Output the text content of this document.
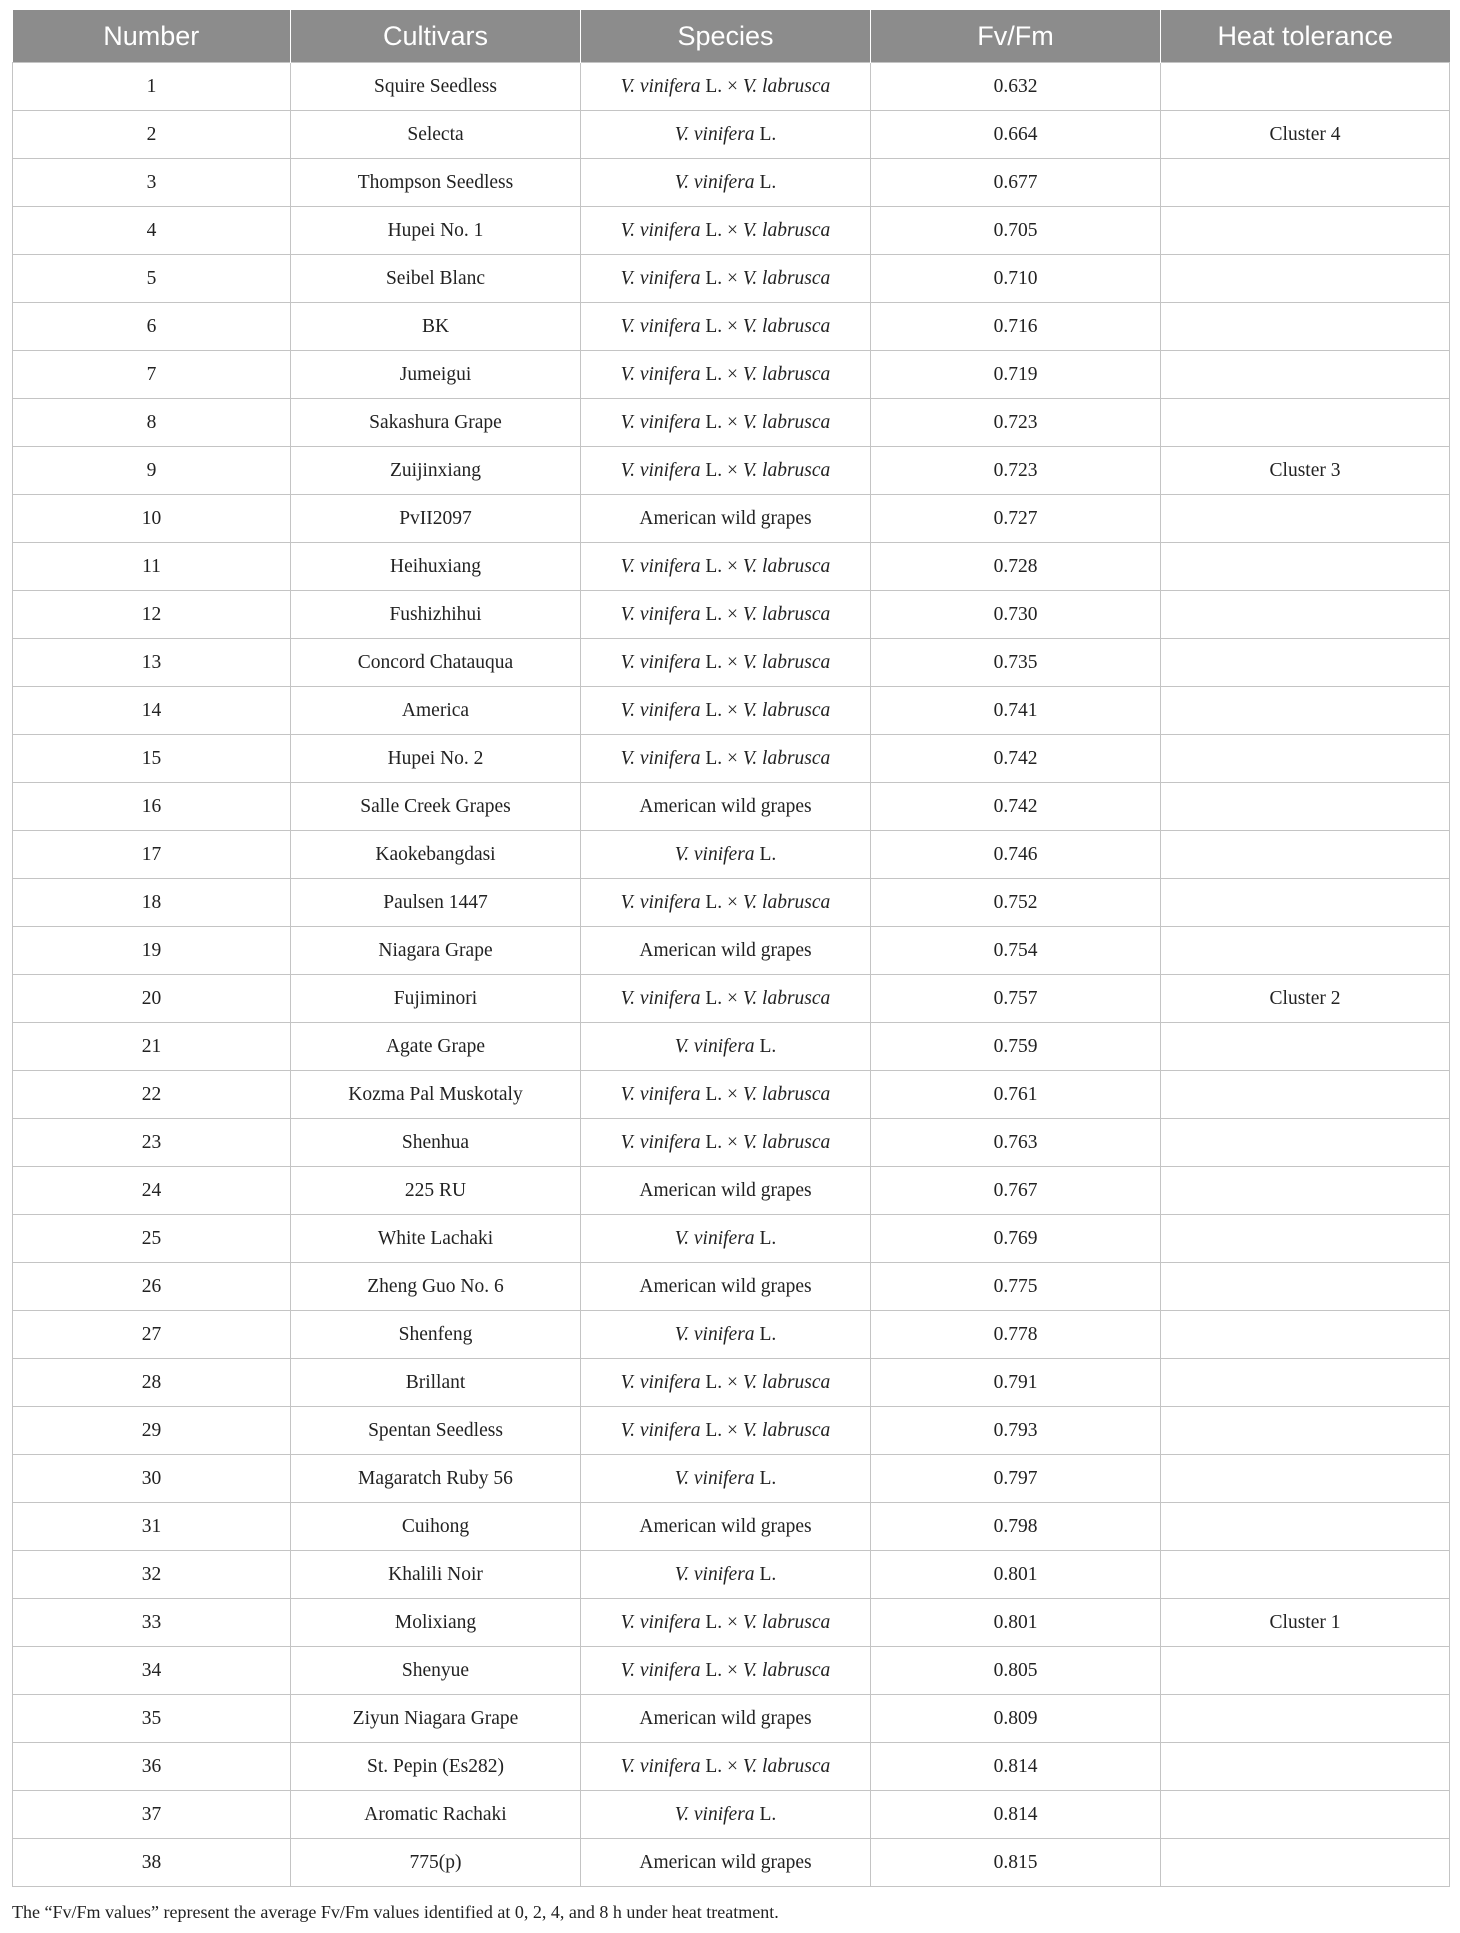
Number	Cultivars	Species	Fv/Fm	Heat tolerance
1	Squire Seedless	V. vinifera L. × V. labrusca	0.632	
2	Selecta	V. vinifera L.	0.664	Cluster 4
3	Thompson Seedless	V. vinifera L.	0.677	
4	Hupei No. 1	V. vinifera L. × V. labrusca	0.705	
5	Seibel Blanc	V. vinifera L. × V. labrusca	0.710	
6	BK	V. vinifera L. × V. labrusca	0.716	
7	Jumeigui	V. vinifera L. × V. labrusca	0.719	
8	Sakashura Grape	V. vinifera L. × V. labrusca	0.723	
9	Zuijinxiang	V. vinifera L. × V. labrusca	0.723	Cluster 3
10	PvII2097	American wild grapes	0.727	
11	Heihuxiang	V. vinifera L. × V. labrusca	0.728	
12	Fushizhihui	V. vinifera L. × V. labrusca	0.730	
13	Concord Chatauqua	V. vinifera L. × V. labrusca	0.735	
14	America	V. vinifera L. × V. labrusca	0.741	
15	Hupei No. 2	V. vinifera L. × V. labrusca	0.742	
16	Salle Creek Grapes	American wild grapes	0.742	
17	Kaokebangdasi	V. vinifera L.	0.746	
18	Paulsen 1447	V. vinifera L. × V. labrusca	0.752	
19	Niagara Grape	American wild grapes	0.754	
20	Fujiminori	V. vinifera L. × V. labrusca	0.757	Cluster 2
21	Agate Grape	V. vinifera L.	0.759	
22	Kozma Pal Muskotaly	V. vinifera L. × V. labrusca	0.761	
23	Shenhua	V. vinifera L. × V. labrusca	0.763	
24	225 RU	American wild grapes	0.767	
25	White Lachaki	V. vinifera L.	0.769	
26	Zheng Guo No. 6	American wild grapes	0.775	
27	Shenfeng	V. vinifera L.	0.778	
28	Brillant	V. vinifera L. × V. labrusca	0.791	
29	Spentan Seedless	V. vinifera L. × V. labrusca	0.793	
30	Magaratch Ruby 56	V. vinifera L.	0.797	
31	Cuihong	American wild grapes	0.798	
32	Khalili Noir	V. vinifera L.	0.801	
33	Molixiang	V. vinifera L. × V. labrusca	0.801	Cluster 1
34	Shenyue	V. vinifera L. × V. labrusca	0.805	
35	Ziyun Niagara Grape	American wild grapes	0.809	
36	St. Pepin (Es282)	V. vinifera L. × V. labrusca	0.814	
37	Aromatic Rachaki	V. vinifera L.	0.814	
38	775(p)	American wild grapes	0.815	
The “Fv/Fm values” represent the average Fv/Fm values identified at 0, 2, 4, and 8 h under heat treatment.
